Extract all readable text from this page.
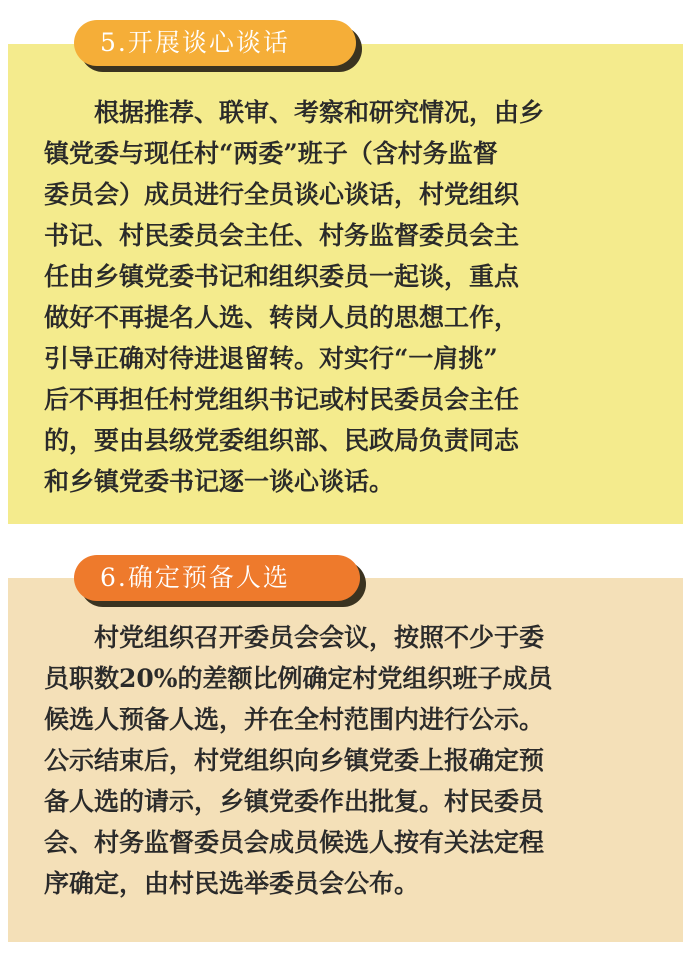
　　根据推荐、联审、考察和研究情况，由乡
镇党委与现任村“两委”班子（含村务监督
委员会）成员进行全员谈心谈话，村党组织
书记、村民委员会主任、村务监督委员会主
任由乡镇党委书记和组织委员一起谈，重点
做好不再提名人选、转岗人员的思想工作，
引导正确对待进退留转。对实行“一肩挑”
后不再担任村党组织书记或村民委员会主任
的，要由县级党委组织部、民政局负责同志
和乡镇党委书记逐一谈心谈话。
5.开展谈心谈话
　　村党组织召开委员会会议，按照不少于委
员职数20%的差额比例确定村党组织班子成员
候选人预备人选，并在全村范围内进行公示。
公示结束后，村党组织向乡镇党委上报确定预
备人选的请示，乡镇党委作出批复。村民委员
会、村务监督委员会成员候选人按有关法定程
序确定，由村民选举委员会公布。
6.确定预备人选
